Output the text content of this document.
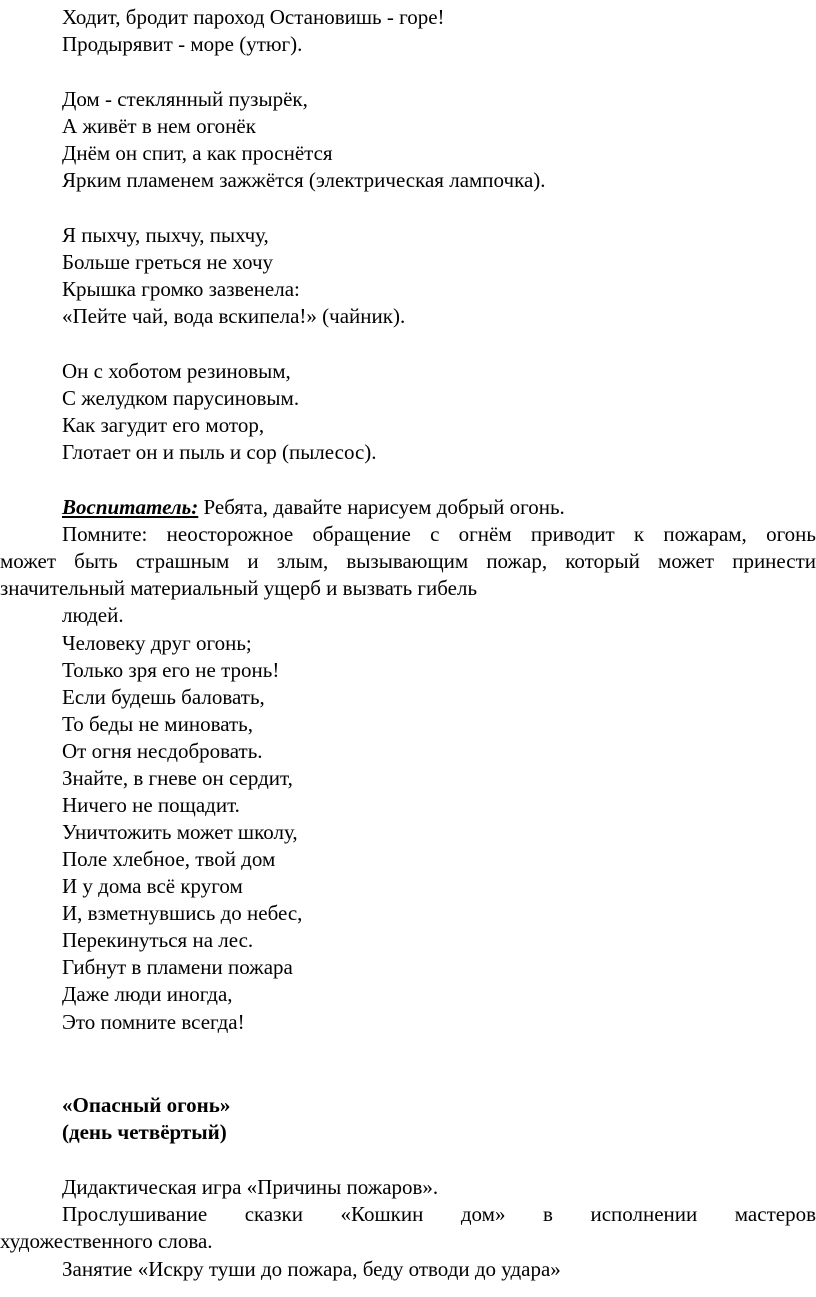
Ходит, бродит пароход Остановишь - горе!
Продырявит - море (утюг).
Дом - стеклянный пузырёк,
А живёт в нем огонёк
Днём он спит, а как проснётся
Ярким пламенем зажжётся (электрическая лампочка).
Я пыхчу, пыхчу, пыхчу,
Больше греться не хочу
Крышка громко зазвенела:
«Пейте чай, вода вскипела!» (чайник).
Он с хоботом резиновым,
С желудком парусиновым.
Как загудит его мотор,
Глотает он и пыль и сор (пылесос).
Воспитатель: Ребята, давайте нарисуем добрый огонь.
Помните: неосторожное обращение с огнём приводит к пожарам, огонь
может быть страшным и злым, вызывающим пожар, который может принести
значительный материальный ущерб и вызвать гибель
людей.
Человеку друг огонь;
Только зря его не тронь!
Если будешь баловать,
То беды не миновать,
От огня несдобровать.
Знайте, в гневе он сердит,
Ничего не пощадит.
Уничтожить может школу,
Поле хлебное, твой дом
И у дома всё кругом
И, взметнувшись до небес,
Перекинуться на лес.
Гибнут в пламени пожара
Даже люди иногда,
Это помните всегда!
«Опасный огонь»
(день четвёртый)
Дидактическая игра «Причины пожаров».
Прослушивание сказки «Кошкин дом» в исполнении мастеров
художественного слова.
Занятие «Искру туши до пожара, беду отводи до удара»
